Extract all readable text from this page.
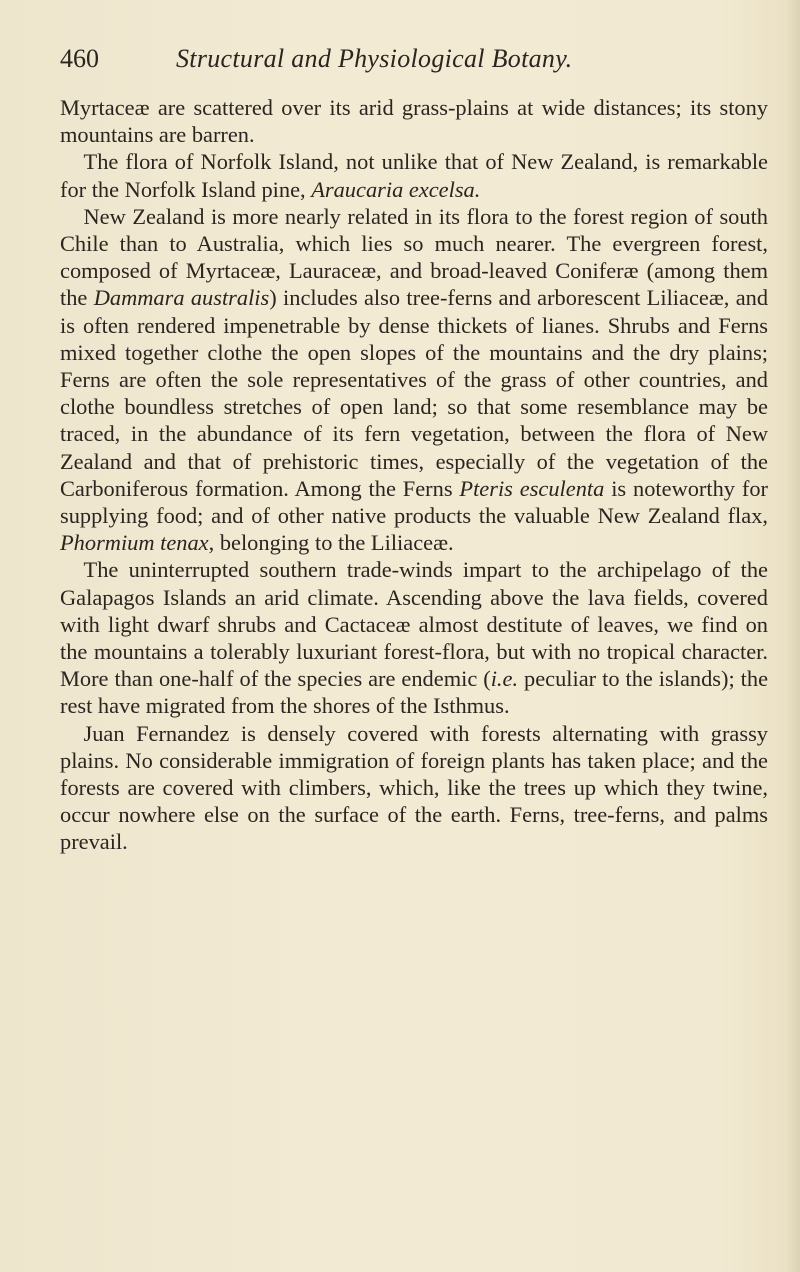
460	Structural and Physiological Botany.

Myrtaceæ are scattered over its arid grass-plains at wide distances; its stony mountains are barren.

The flora of Norfolk Island, not unlike that of New Zealand, is remarkable for the Norfolk Island pine, Araucaria excelsa.

New Zealand is more nearly related in its flora to the forest region of south Chile than to Australia, which lies so much nearer. The evergreen forest, composed of Myrtaceæ, Lauraceæ, and broad-leaved Coniferæ (among them the Dammara australis) includes also tree-ferns and arborescent Liliaceæ, and is often rendered impenetrable by dense thickets of lianes. Shrubs and Ferns mixed together clothe the open slopes of the mountains and the dry plains; Ferns are often the sole representatives of the grass of other countries, and clothe boundless stretches of open land; so that some resemblance may be traced, in the abundance of its fern vegetation, between the flora of New Zealand and that of prehistoric times, especially of the vegetation of the Carboniferous formation. Among the Ferns Pteris esculenta is noteworthy for supplying food; and of other native products the valuable New Zealand flax, Phormium tenax, belonging to the Liliaceæ.

The uninterrupted southern trade-winds impart to the archipelago of the Galapagos Islands an arid climate. Ascending above the lava fields, covered with light dwarf shrubs and Cactaceæ almost destitute of leaves, we find on the mountains a tolerably luxuriant forest-flora, but with no tropical character. More than one-half of the species are endemic (i.e. peculiar to the islands); the rest have migrated from the shores of the Isthmus.

Juan Fernandez is densely covered with forests alternating with grassy plains. No considerable immigration of foreign plants has taken place; and the forests are covered with climbers, which, like the trees up which they twine, occur nowhere else on the surface of the earth. Ferns, tree-ferns, and palms prevail.
